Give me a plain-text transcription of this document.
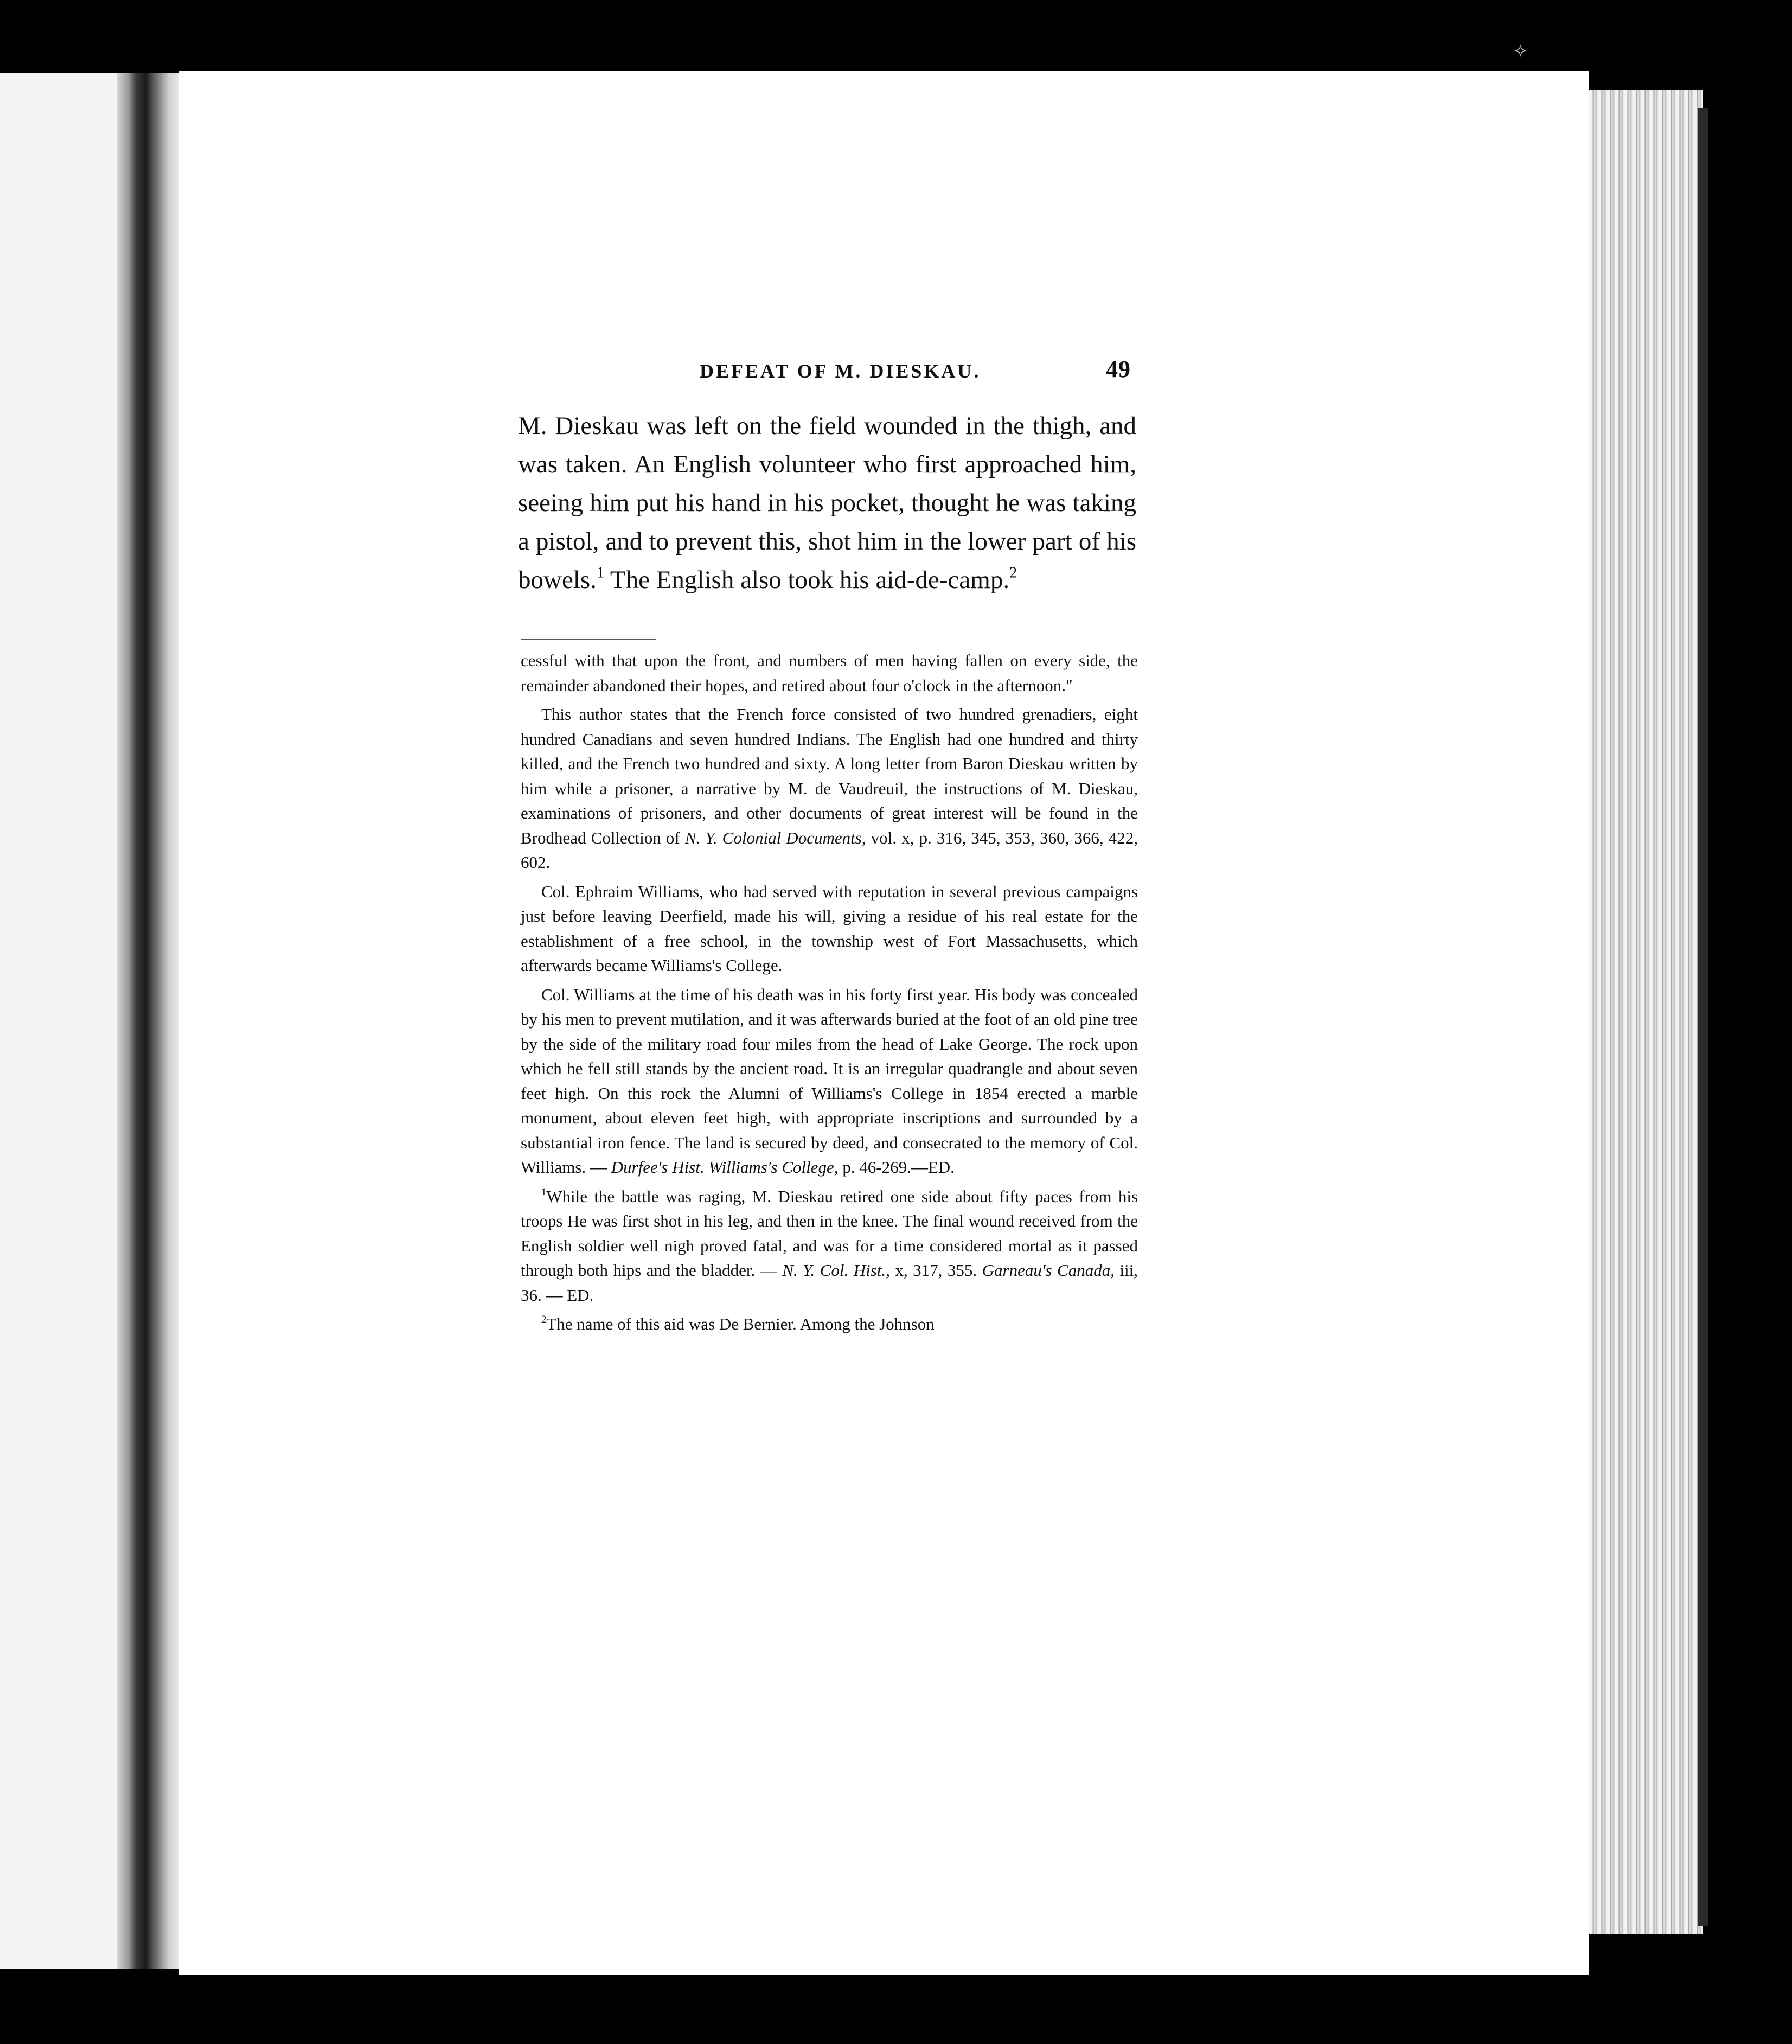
✧
DEFEAT OF M. DIESKAU.	49

M. Dieskau was left on the field wounded in the thigh, and was taken. An English volunteer who first approached him, seeing him put his hand in his pocket, thought he was taking a pistol, and to prevent this, shot him in the lower part of his bowels.$^1$ The English also took his aid-de-camp.$^2$

cessful with that upon the front, and numbers of men having fallen on every side, the remainder abandoned their hopes, and retired about four o'clock in the afternoon."

This author states that the French force consisted of two hundred grenadiers, eight hundred Canadians and seven hundred Indians. The English had one hundred and thirty killed, and the French two hundred and sixty. A long letter from Baron Dieskau written by him while a prisoner, a narrative by M. de Vaudreuil, the instructions of M. Dieskau, examinations of prisoners, and other documents of great interest will be found in the Brodhead Collection of N. Y. Colonial Documents, vol. x, p. 316, 345, 353, 360, 366, 422, 602.

Col. Ephraim Williams, who had served with reputation in several previous campaigns just before leaving Deerfield, made his will, giving a residue of his real estate for the establishment of a free school, in the township west of Fort Massachusetts, which afterwards became Williams's College.

Col. Williams at the time of his death was in his forty first year. His body was concealed by his men to prevent mutilation, and it was afterwards buried at the foot of an old pine tree by the side of the military road four miles from the head of Lake George. The rock upon which he fell still stands by the ancient road. It is an irregular quadrangle and about seven feet high. On this rock the Alumni of Williams's College in 1854 erected a marble monument, about eleven feet high, with appropriate inscriptions and surrounded by a substantial iron fence. The land is secured by deed, and consecrated to the memory of Col. Williams. — Durfee's Hist. Williams's College, p. 46-269.—ED.

$^1$While the battle was raging, M. Dieskau retired one side about fifty paces from his troops He was first shot in his leg, and then in the knee. The final wound received from the English soldier well nigh proved fatal, and was for a time considered mortal as it passed through both hips and the bladder. — N. Y. Col. Hist., x, 317, 355. Garneau's Canada, iii, 36. — ED.

$^2$The name of this aid was De Bernier. Among the Johnson
